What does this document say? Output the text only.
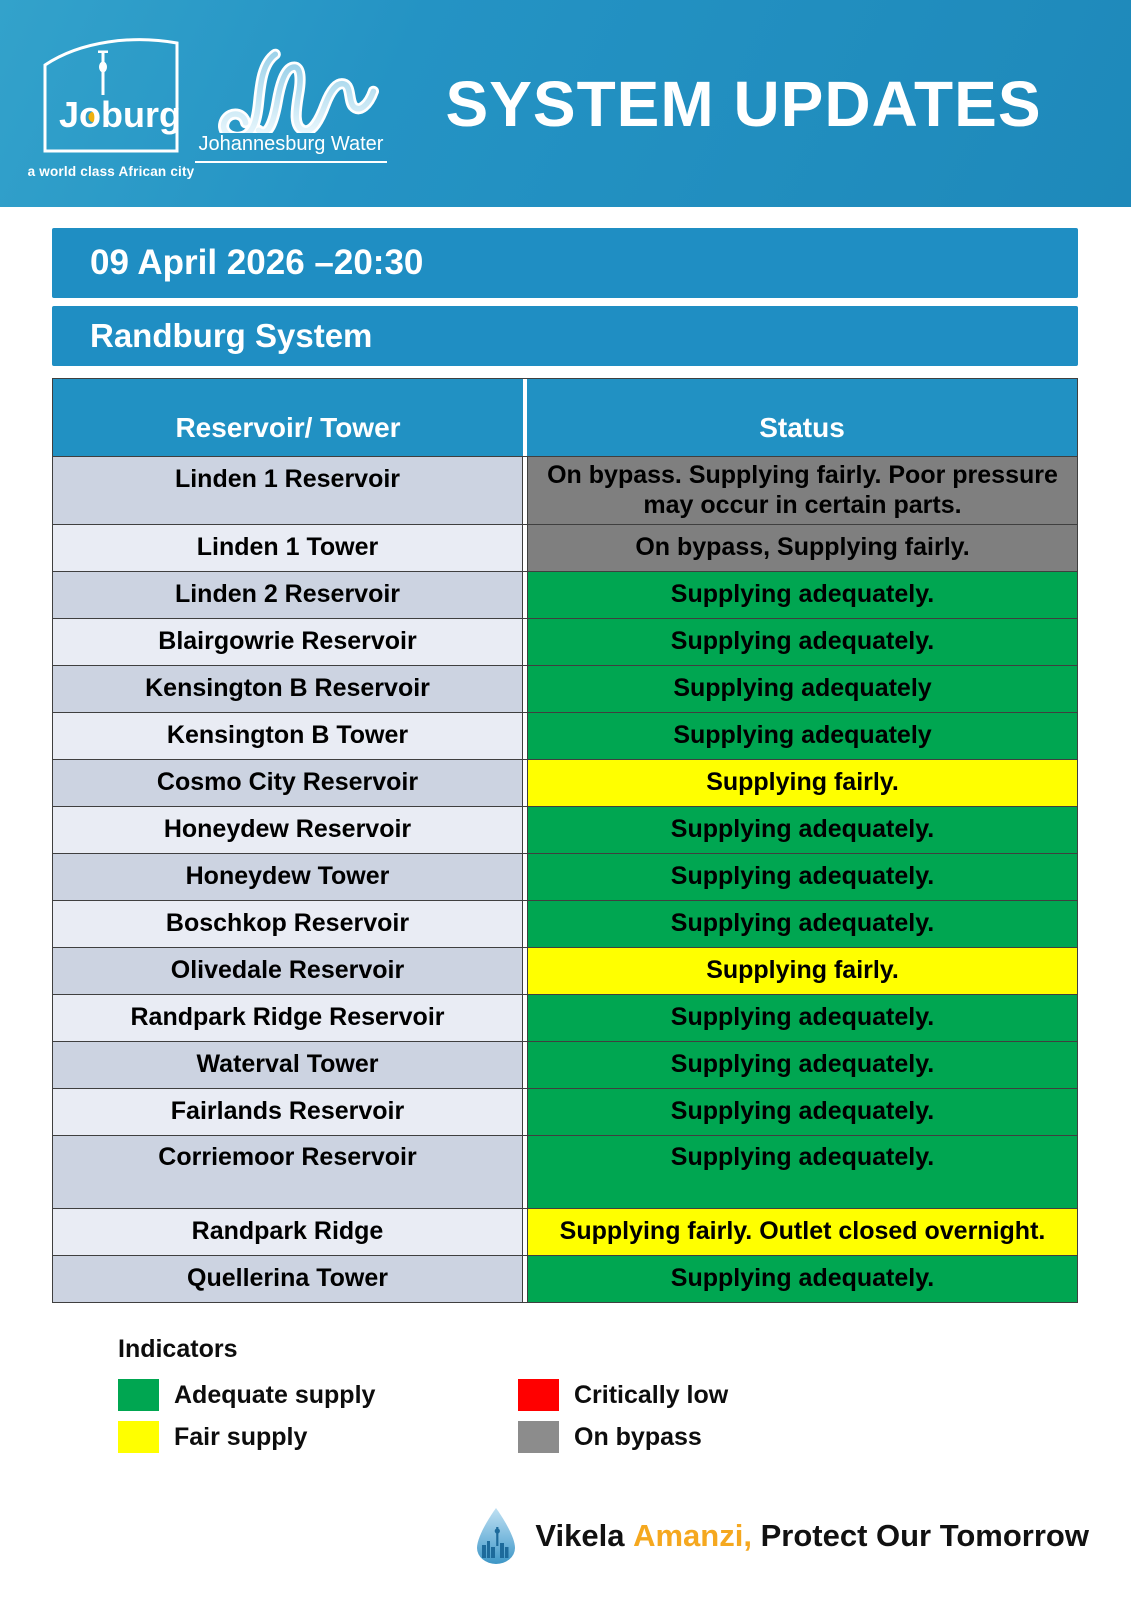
Jo burg
a world class African city
Johannesburg Water
SYSTEM UPDATES
09 April 2026 –20:30
Randburg System
Reservoir/ Tower	Status
Linden 1 Reservoir	On bypass. Supplying fairly. Poor pressure may occur in certain parts.
Linden 1 Tower	On bypass, Supplying fairly.
Linden 2 Reservoir	Supplying adequately.
Blairgowrie Reservoir	Supplying adequately.
Kensington B Reservoir	Supplying adequately
Kensington B Tower	Supplying adequately
Cosmo City Reservoir	Supplying fairly.
Honeydew Reservoir	Supplying adequately.
Honeydew Tower	Supplying adequately.
Boschkop Reservoir	Supplying adequately.
Olivedale Reservoir	Supplying fairly.
Randpark Ridge Reservoir	Supplying adequately.
Waterval Tower	Supplying adequately.
Fairlands Reservoir	Supplying adequately.
Corriemoor Reservoir	Supplying adequately.
Randpark Ridge	Supplying fairly. Outlet closed overnight.
Quellerina Tower	Supplying adequately.
Indicators
Adequate supply	Critically low
Fair supply	On bypass
Vikela
Amanzi,
Protect Our Tomorrow
